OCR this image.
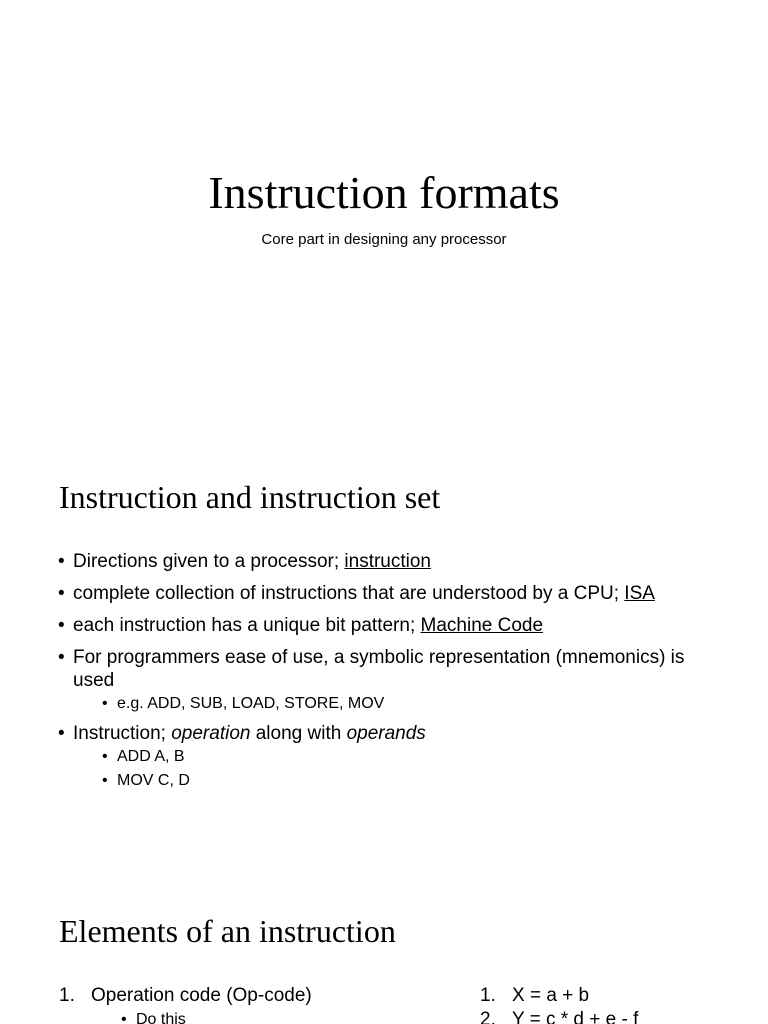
Instruction formats
Core part in designing any processor
Instruction and instruction set
• Directions given to a processor; instruction
• complete collection of instructions that are understood by a CPU; ISA
• each instruction has a unique bit pattern; Machine Code
• For programmers ease of use, a symbolic representation (mnemonics) is used
• e.g. ADD, SUB, LOAD, STORE, MOV
• Instruction; operation along with operands
• ADD A, B
• MOV C, D
Elements of an instruction
1. Operation code (Op-code)
• Do this
1. X = a + b
2. Y = c * d + e - f
